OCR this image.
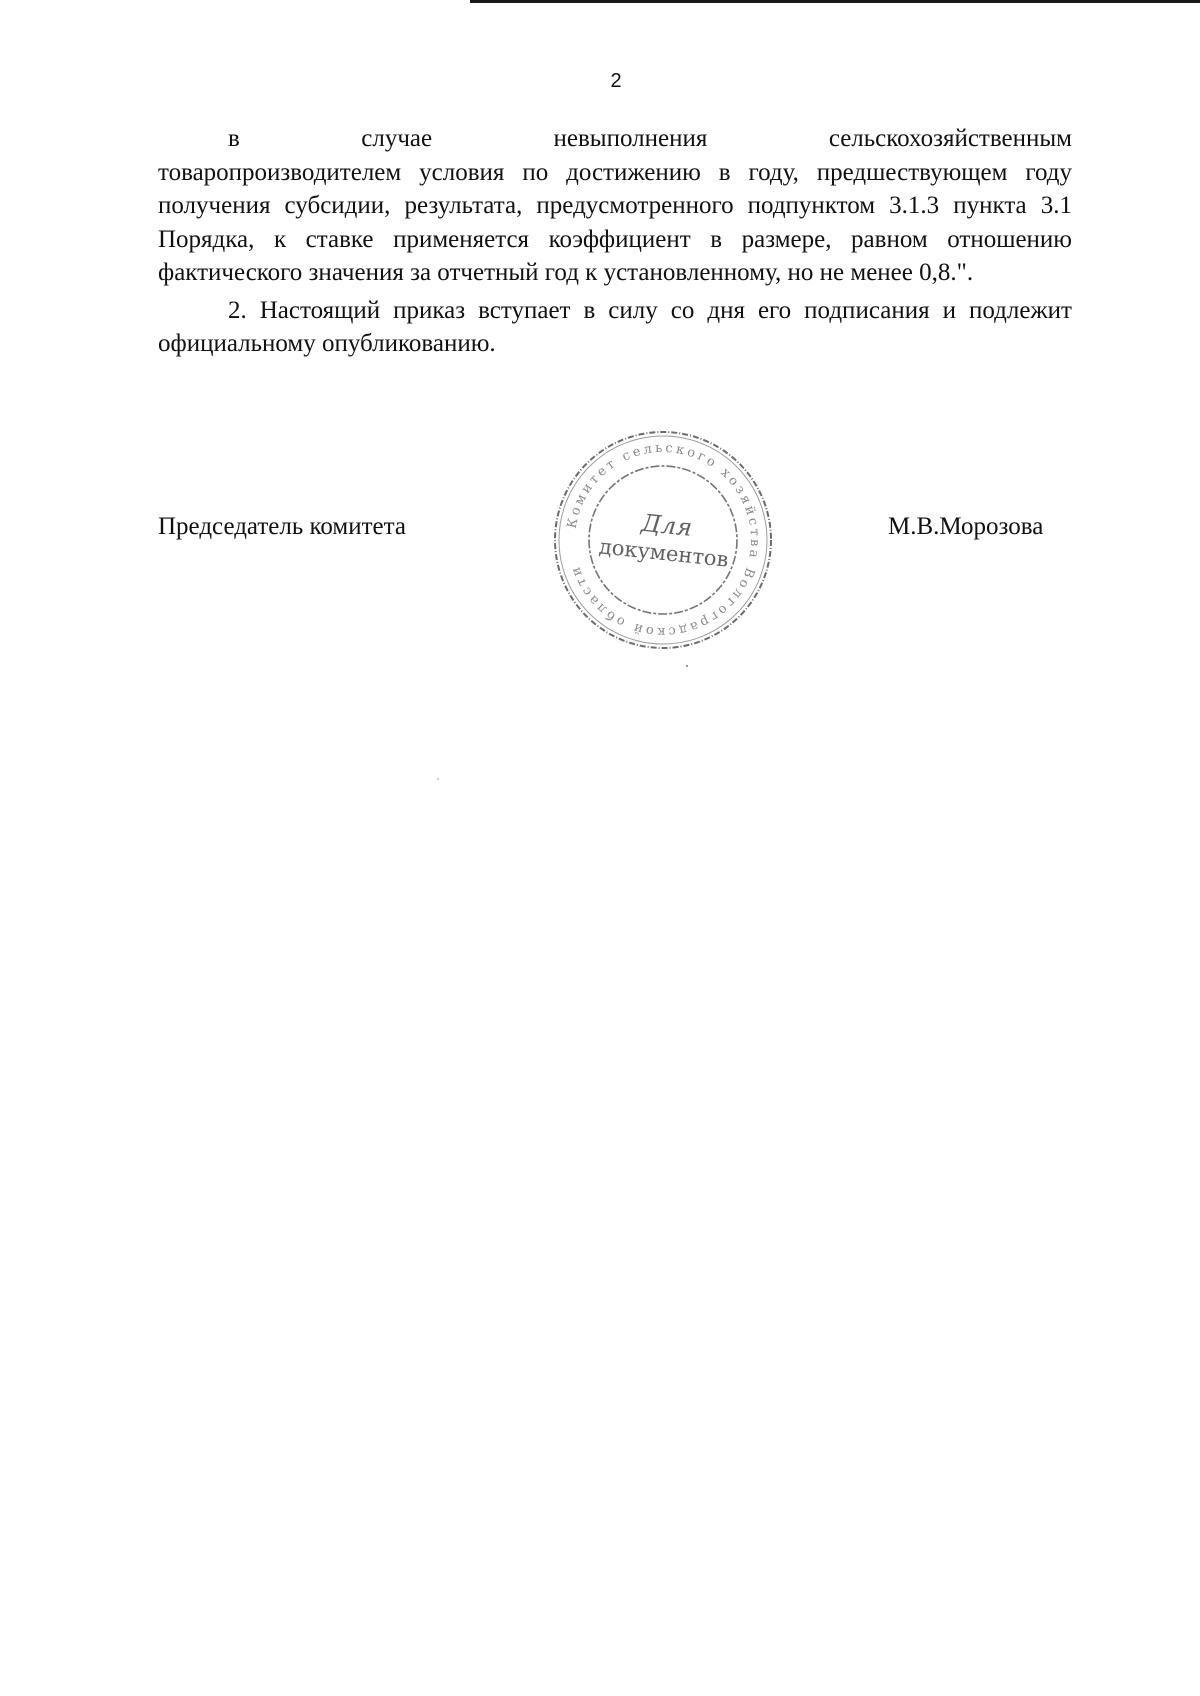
2
в	случае	невыполнения	сельскохозяйственным

товаропроизводителем условия по достижению в году, предшествующем году получения субсидии, результата, предусмотренного подпунктом 3.1.3 пункта 3.1 Порядка, к ставке применяется коэффициент в размере, равном отношению фактического значения за отчетный год к установленному, но не менее 0,8.".

2. Настоящий приказ вступает в силу со дня его подписания и подлежит официальному опубликованию.

Председатель комитета	М.В.Морозова
Комитет сельского хозяйства Волгоградской области
Для
документов
